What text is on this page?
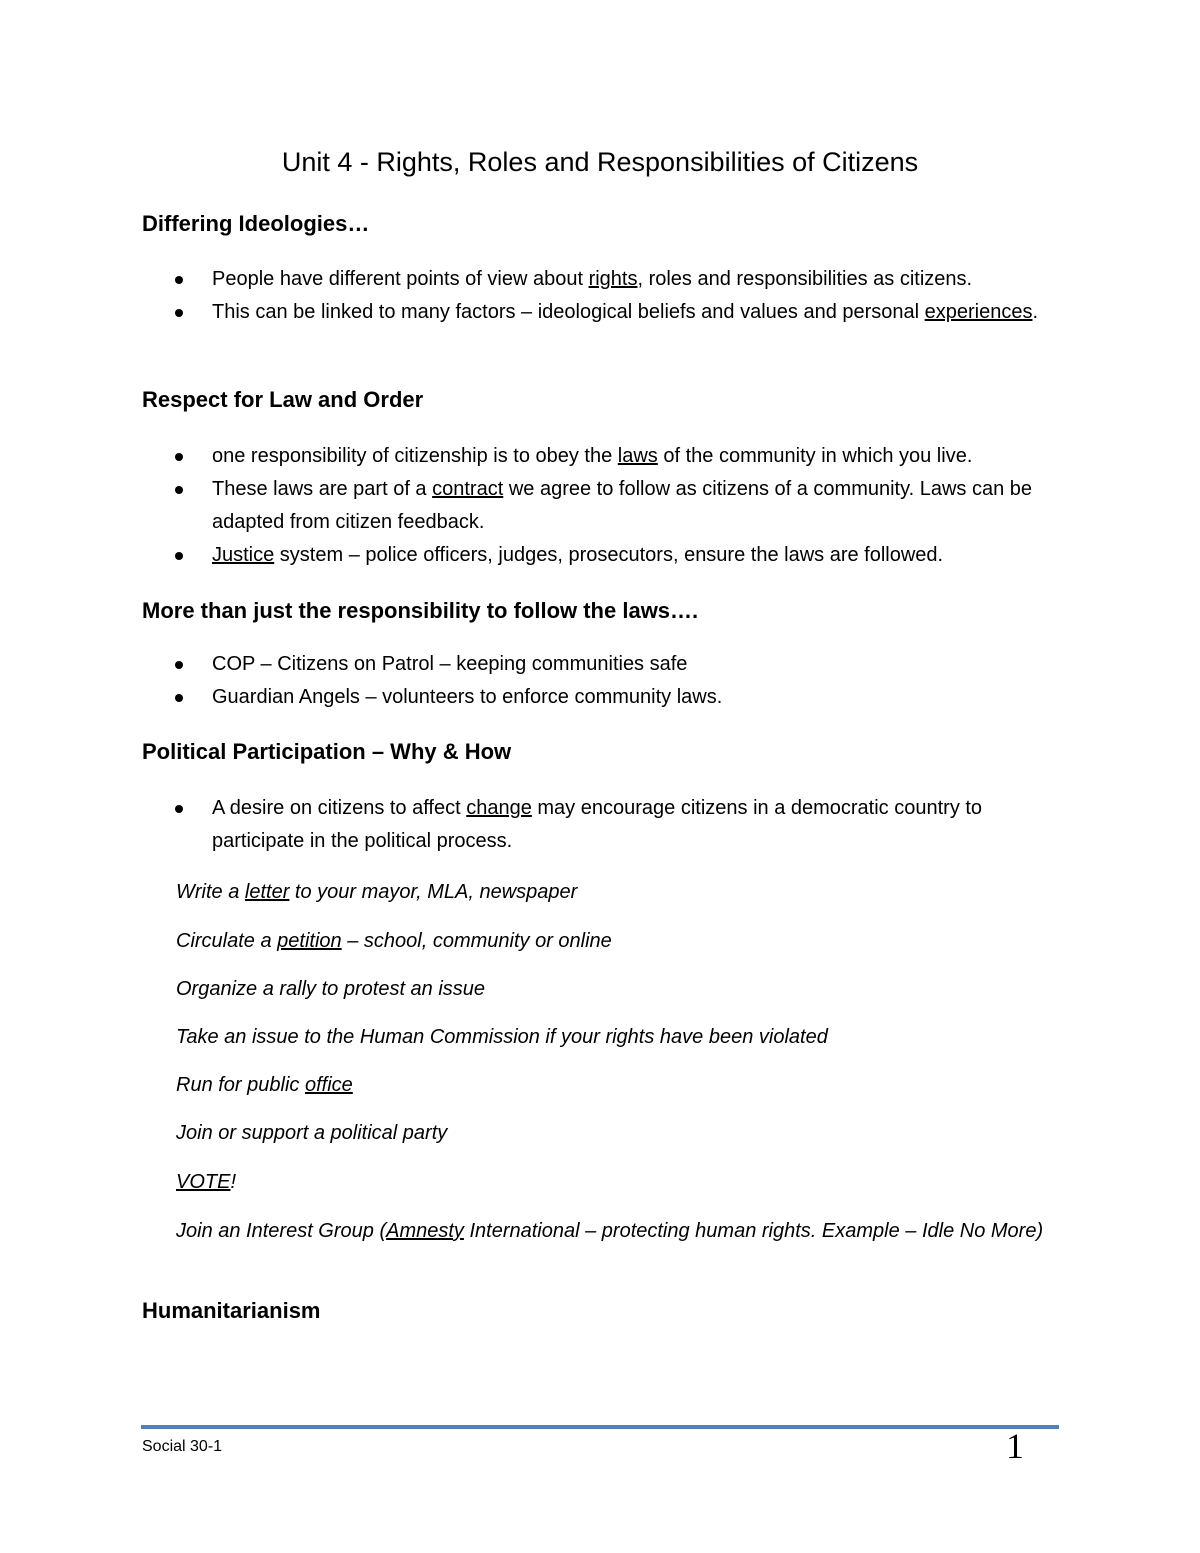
Unit 4 - Rights, Roles and Responsibilities of Citizens
Differing Ideologies…
People have different points of view about rights, roles and responsibilities as citizens.
This can be linked to many factors – ideological beliefs and values and personal experiences.
Respect for Law and Order
one responsibility of citizenship is to obey the laws of the community in which you live.
These laws are part of a contract we agree to follow as citizens of a community. Laws can be adapted from citizen feedback.
Justice system – police officers, judges, prosecutors, ensure the laws are followed.
More than just the responsibility to follow the laws….
COP – Citizens on Patrol – keeping communities safe
Guardian Angels – volunteers to enforce community laws.
Political Participation – Why & How
A desire on citizens to affect change may encourage citizens in a democratic country to participate in the political process.
Write a letter to your mayor, MLA, newspaper
Circulate a petition – school, community or online
Organize a rally to protest an issue
Take an issue to the Human Commission if your rights have been violated
Run for public office
Join or support a political party
VOTE!
Join an Interest Group (Amnesty International – protecting human rights. Example – Idle No More)
Humanitarianism
Social 30-1	1
